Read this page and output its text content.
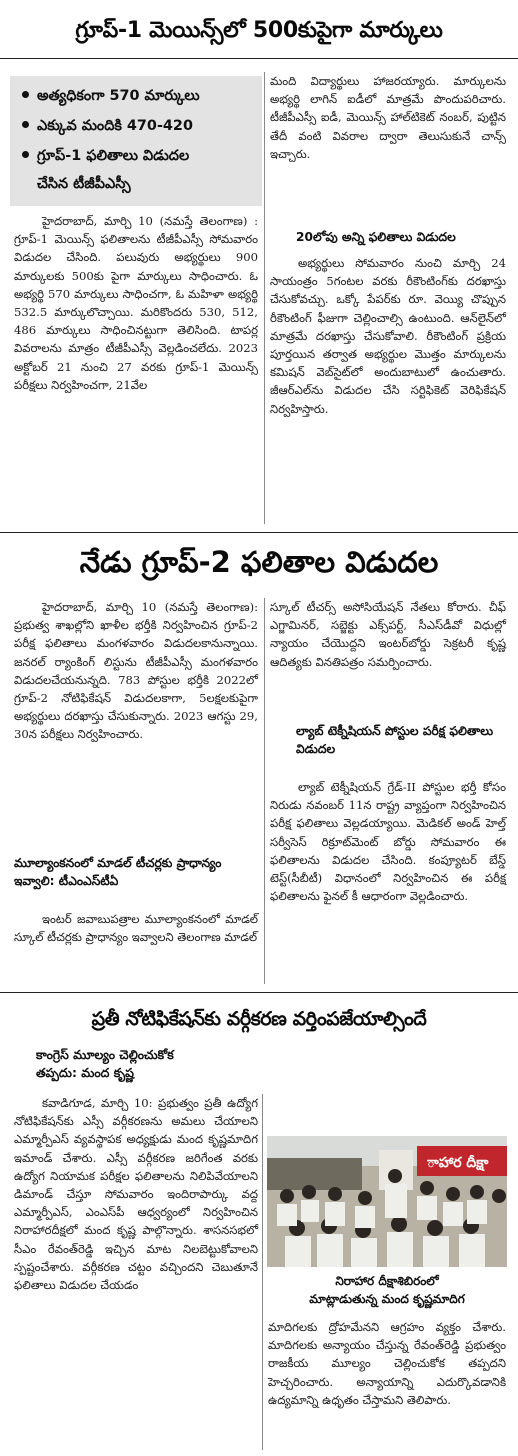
గ్రూప్-1 మెయిన్స్‌లో 500కుపైగా మార్కులు
అత్యధికంగా 570 మార్కులు
ఎక్కువ మందికి 470-420
గ్రూప్-1 ఫలితాలు విడుదల
చేసిన టీజీపీఎస్సీ

హైదరాబాద్, మార్చి 10 (నమస్తే తెలంగాణ) : గ్రూప్-1 మెయిన్స్ ఫలితాలను టీజీపీఎస్సీ సోమవారం విడుదల చేసింది. పలువురు అభ్యర్థులు 900 మార్కులకు 500కు పైగా మార్కులు సాధించారు. ఓ అభ్యర్థి 570 మార్కులు సాధించగా, ఓ మహిళా అభ్యర్థి 532.5 మార్కులొచ్చాయి. మరికొందరు 530, 512, 486 మార్కులు సాధించినట్టుగా తెలిసింది. టాపర్ల వివరాలను మాత్రం టీజీపీఎస్సీ వెల్లడించలేదు. 2023 అక్టోబర్ 21 నుంచి 27 వరకు గ్రూప్-1 మెయిన్స్ పరీక్షలు నిర్వహించగా, 21వేల

మంది విద్యార్థులు హాజరయ్యారు. మార్కులను అభ్యర్థి లాగిన్ ఐడీలో మాత్రమే పొందుపరిచారు. టీజీపీఎస్సీ ఐడీ, మెయిన్స్ హాల్‌టికెట్ నంబర్, పుట్టిన తేదీ వంటి వివరాల ద్వారా తెలుసుకునే చాన్స్ ఇచ్చారు.

20లోపు అన్ని ఫలితాలు విడుదల

అభ్యర్థులు సోమవారం నుంచి మార్చి 24 సాయంత్రం 5గంటల వరకు రీకౌంటింగ్‌కు దరఖాస్తు చేసుకోవచ్చు. ఒక్కో పేపర్‌కు రూ. వెయ్యి చొప్పున రీకౌంటింగ్ ఫీజుగా చెల్లించాల్సి ఉంటుంది. ఆన్‌లైన్‌లో మాత్రమే దరఖాస్తు చేసుకోవాలి. రీకౌంటింగ్ ప్రక్రియ పూర్తయిన తర్వాత అభ్యర్థుల మొత్తం మార్కులను కమిషన్ వెబ్‌సైట్‌లో అందుబాటులో ఉంచుతారు. జీఆర్‌ఎల్‌ను విడుదల చేసి సర్టిఫికెట్ వెరిఫికేషన్ నిర్వహిస్తారు.

నేడు గ్రూప్-2 ఫలితాల విడుదల

హైదరాబాద్, మార్చి 10 (నమస్తే తెలంగాణ): ప్రభుత్వ శాఖల్లోని ఖాళీల భర్తీకి నిర్వహించిన గ్రూప్-2 పరీక్ష ఫలితాలు మంగళవారం విడుదలకానున్నాయి. జనరల్ ర్యాంకింగ్ లిస్టును టీజీపీఎస్సీ మంగళవారం విడుదలచేయనున్నది. 783 పోస్టుల భర్తీకి 2022లో గ్రూప్-2 నోటిఫికేషన్ విడుదలకాగా, 5లక్షలకుపైగా అభ్యర్థులు దరఖాస్తు చేసుకున్నారు. 2023 ఆగస్టు 29, 30న పరీక్షలు నిర్వహించారు.

మూల్యాంకనంలో మాడల్ టీచర్లకు ప్రాధాన్యం ఇవ్వాలి: టీఎంఎస్‌టీఏ

ఇంటర్ జవాబుపత్రాల మూల్యాంకనంలో మాడల్ స్కూల్ టీచర్లకు ప్రాధాన్యం ఇవ్వాలని తెలంగాణ మాడల్

స్కూల్ టీచర్స్ అసోసియేషన్ నేతలు కోరారు. చీఫ్ ఎగ్జామినర్, సబ్జెక్టు ఎక్స్‌పర్ట్, సీఎస్‌డీవో విధుల్లో న్యాయం చేయొద్దని ఇంటర్‌బోర్డు సెక్రటరీ కృష్ణ ఆదిత్యకు వినతిపత్రం సమర్పించారు.

ల్యాబ్ టెక్నీషియన్ పోస్టుల పరీక్ష ఫలితాలు విడుదల

ల్యాబ్ టెక్నీషియన్ గ్రేడ్-II పోస్టుల భర్తీ కోసం నిరుడు నవంబర్ 11న రాష్ట్ర వ్యాప్తంగా నిర్వహించిన పరీక్ష ఫలితాలు వెల్లడయ్యాయి. మెడికల్ అండ్ హెల్త్ సర్వీసెస్ రిక్రూట్‌మెంట్ బోర్డు సోమవారం ఈ ఫలితాలను విడుదల చేసింది. కంప్యూటర్ బేస్డ్ టెస్ట్(సీబీటీ) విధానంలో నిర్వహించిన ఈ పరీక్ష ఫలితాలను ఫైనల్ కీ ఆధారంగా వెల్లడించారు.

ప్రతీ నోటిఫికేషన్‌కు వర్గీకరణ వర్తింపజేయాల్సిందే
కాంగ్రెస్ మూల్యం చెల్లించుకోక
తప్పదు: మంద కృష్ణ

కవాడిగూడ, మార్చి 10: ప్రభుత్వం ప్రతీ ఉద్యోగ నోటిఫికేషన్‌కు ఎస్సీ వర్గీకరణను అమలు చేయాలని ఎమ్మార్పీఎస్ వ్యవస్థాపక అధ్యక్షుడు మంద కృష్ణమాదిగ ఇమాండ్ చేశారు. ఎస్సీ వర్గీకరణ జరిగేంత వరకు ఉద్యోగ నియామక పరీక్షల ఫలితాలను నిలిపివేయాలని డిమాండ్ చేస్తూ సోమవారం ఇందిరాపార్కు వద్ద ఎమ్మార్పీఎస్, ఎంఎస్‌పీ ఆధ్వర్యంలో నిర్వహించిన నిరాహారదీక్షలో మంద కృష్ణ పాల్గొన్నారు. శాసనసభలో సీఎం రేవంత్‌రెడ్డి ఇచ్చిన మాట నిలబెట్టుకోవాలని స్పష్టంచేశారు. వర్గీకరణ చట్టం వచ్చిందని చెబుతూనే ఫలితాలు విడుదల చేయడం

ాహార దీక్షా
నిరాహార దీక్షాశిబిరంలో
మాట్లాడుతున్న మంద కృష్ణమాదిగ

మాదిగలకు ద్రోహమేనని ఆగ్రహం వ్యక్తం చేశారు. మాదిగలకు అన్యాయం చేస్తున్న రేవంత్‌రెడ్డి ప్రభుత్వం రాజకీయ మూల్యం చెల్లించుకోక తప్పదని హెచ్చరించారు. అన్యాయాన్ని ఎదుర్కొవడానికి ఉద్యమాన్ని ఉధృతం చేస్తామని తెలిపారు.
